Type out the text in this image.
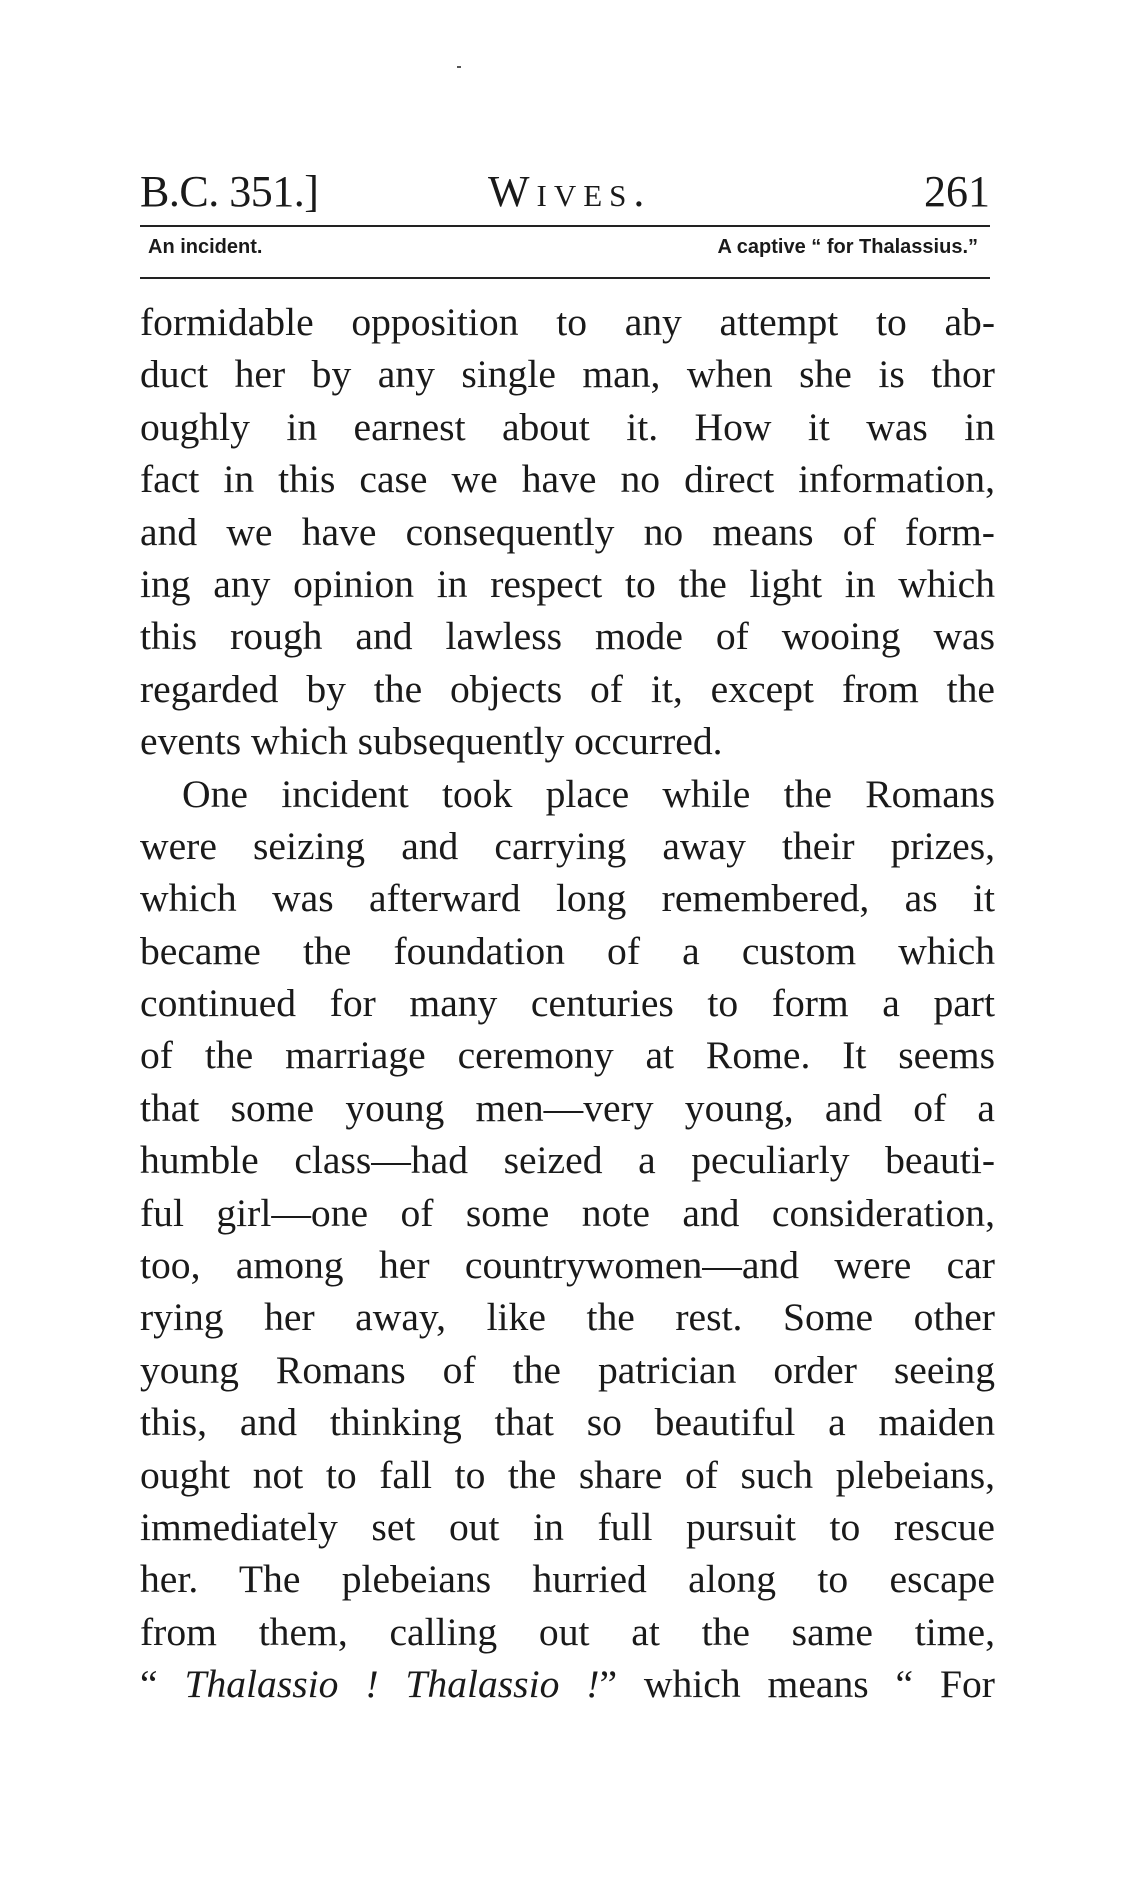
B.C. 351.]	Wives.	261
An incident.	A captive “ for Thalassius.”
formidable opposition to any attempt to ab-
duct her by any single man, when she is thor
oughly in earnest about it. How it was in
fact in this case we have no direct information,
and we have consequently no means of form-
ing any opinion in respect to the light in which
this rough and lawless mode of wooing was
regarded by the objects of it, except from the
events which subsequently occurred.
One incident took place while the Romans
were seizing and carrying away their prizes,
which was afterward long remembered, as it
became the foundation of a custom which
continued for many centuries to form a part
of the marriage ceremony at Rome. It seems
that some young men—very young, and of a
humble class—had seized a peculiarly beauti-
ful girl—one of some note and consideration,
too, among her countrywomen—and were car
rying her away, like the rest. Some other
young Romans of the patrician order seeing
this, and thinking that so beautiful a maiden
ought not to fall to the share of such plebeians,
immediately set out in full pursuit to rescue
her. The plebeians hurried along to escape
from them, calling out at the same time,
“ Thalassio ! Thalassio !” which means “ For
